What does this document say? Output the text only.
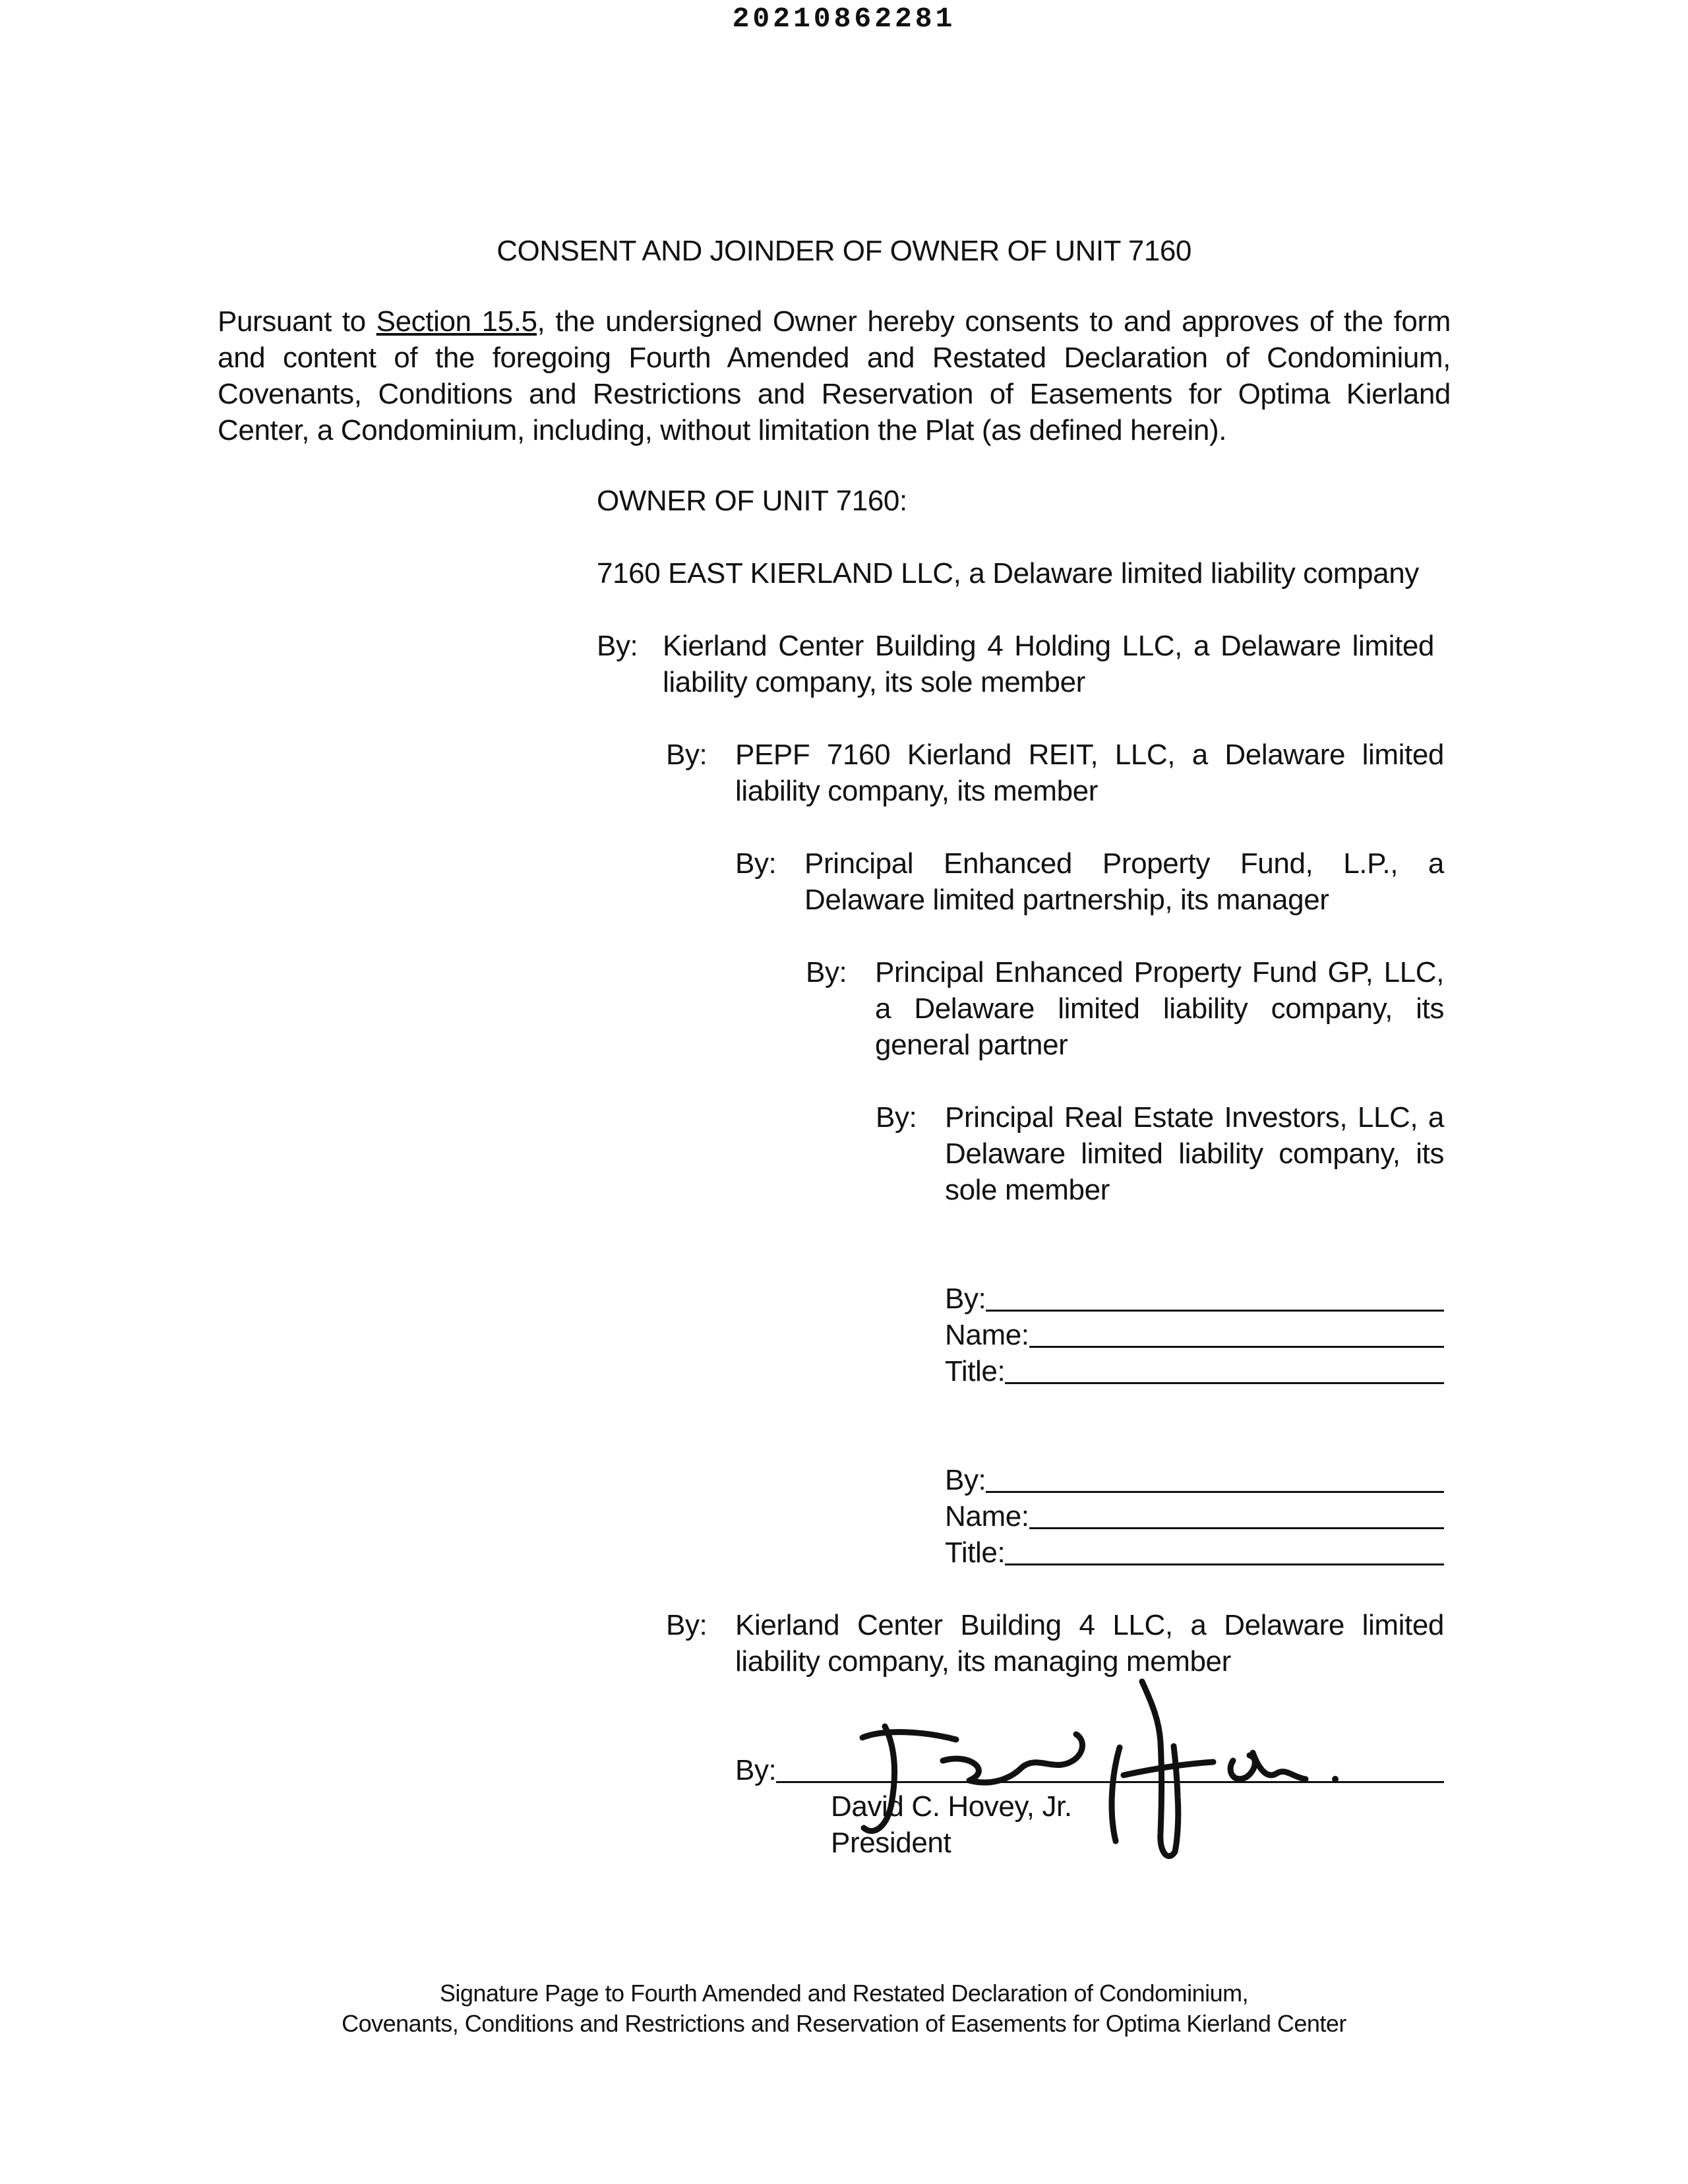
20210862281
CONSENT AND JOINDER OF OWNER OF UNIT 7160
Pursuant to Section 15.5, the undersigned Owner hereby consents to and approves of the form and content of the foregoing Fourth Amended and Restated Declaration of Condominium, Covenants, Conditions and Restrictions and Reservation of Easements for Optima Kierland Center, a Condominium, including, without limitation the Plat (as defined herein).
OWNER OF UNIT 7160:
7160 EAST KIERLAND LLC, a Delaware limited liability company
By: Kierland Center Building 4 Holding LLC, a Delaware limited liability company, its sole member
By: PEPF 7160 Kierland REIT, LLC, a Delaware limited liability company, its member
By: Principal Enhanced Property Fund, L.P., a Delaware limited partnership, its manager
By: Principal Enhanced Property Fund GP, LLC, a Delaware limited liability company, its general partner
By: Principal Real Estate Investors, LLC, a Delaware limited liability company, its sole member
By:
Name:
Title:
By:
Name:
Title:
By: Kierland Center Building 4 LLC, a Delaware limited liability company, its managing member
By:
David C. Hovey, Jr.
President
Signature Page to Fourth Amended and Restated Declaration of Condominium,
Covenants, Conditions and Restrictions and Reservation of Easements for Optima Kierland Center
